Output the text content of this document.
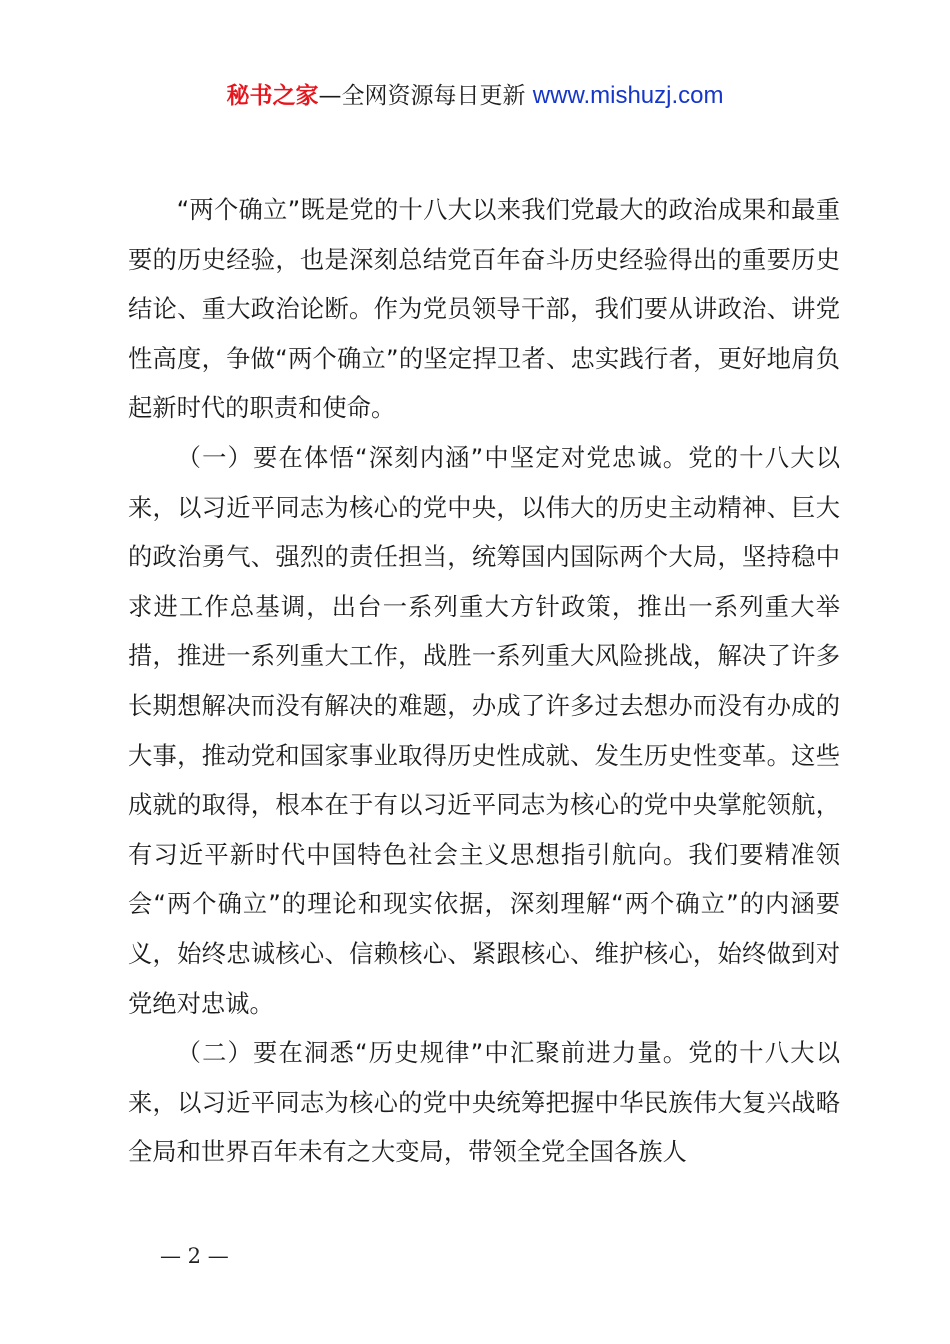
秘书之家—全网资源每日更新 www.mishuzj.com

“两个确立”既是党的十八大以来我们党最大的政治成果和最重要的历史经验，也是深刻总结党百年奋斗历史经验得出的重要历史结论、重大政治论断。作为党员领导干部，我们要从讲政治、讲党性高度，争做“两个确立”的坚定捍卫者、忠实践行者，更好地肩负起新时代的职责和使命。

（一）要在体悟“深刻内涵”中坚定对党忠诚。党的十八大以来，以习近平同志为核心的党中央，以伟大的历史主动精神、巨大的政治勇气、强烈的责任担当，统筹国内国际两个大局，坚持稳中求进工作总基调，出台一系列重大方针政策，推出一系列重大举措，推进一系列重大工作，战胜一系列重大风险挑战，解决了许多长期想解决而没有解决的难题，办成了许多过去想办而没有办成的大事，推动党和国家事业取得历史性成就、发生历史性变革。这些成就的取得，根本在于有以习近平同志为核心的党中央掌舵领航，有习近平新时代中国特色社会主义思想指引航向。我们要精准领会“两个确立”的理论和现实依据，深刻理解“两个确立”的内涵要义，始终忠诚核心、信赖核心、紧跟核心、维护核心，始终做到对党绝对忠诚。

（二）要在洞悉“历史规律”中汇聚前进力量。党的十八大以来，以习近平同志为核心的党中央统筹把握中华民族伟大复兴战略全局和世界百年未有之大变局，带领全党全国各族人

— 2 —
